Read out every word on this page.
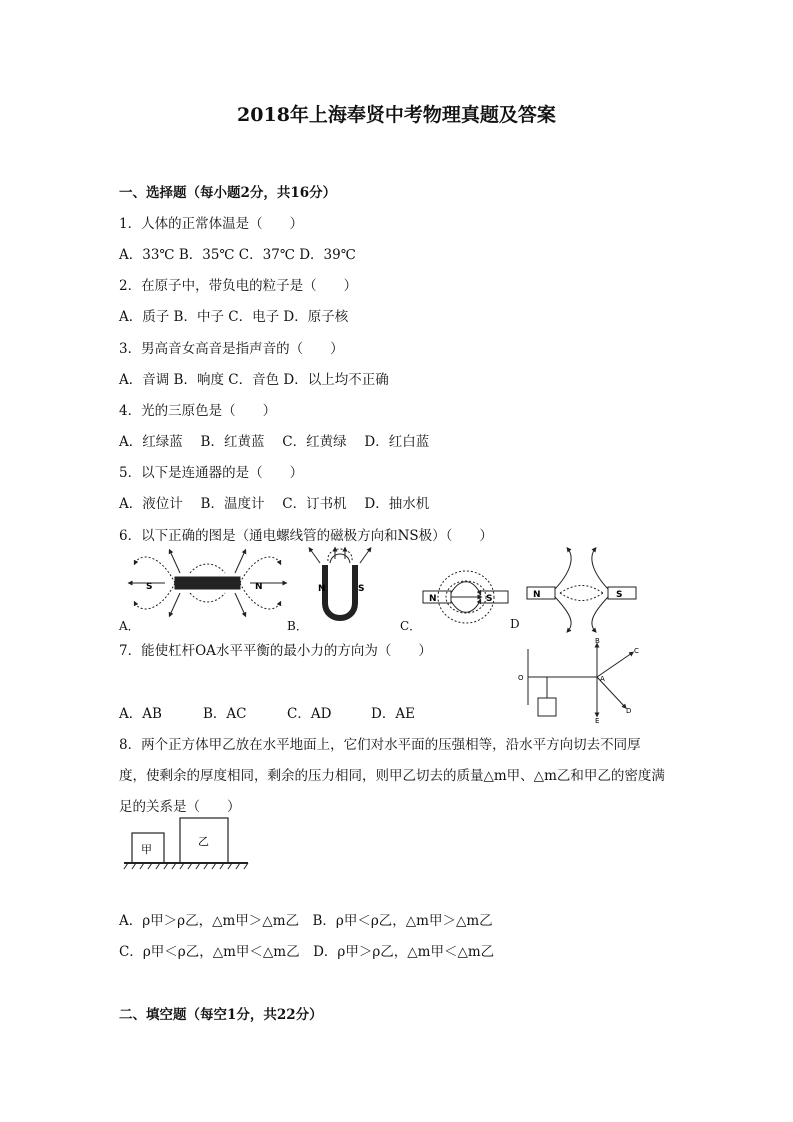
2018年上海奉贤中考物理真题及答案
一、选择题（每小题2分，共16分）
1．人体的正常体温是（　　）
A．33℃ B．35℃ C．37℃ D．39℃
2．在原子中，带负电的粒子是（　　）
A．质子 B．中子 C．电子 D．原子核
3．男高音女高音是指声音的（　　）
A．音调 B．响度 C．音色 D．以上均不正确
4．光的三原色是（　　）
A．红绿蓝　 B．红黄蓝　 C．红黄绿　 D．红白蓝
5．以下是连通器的是（　　）
A．液位计　 B．温度计　 C．订书机　 D．抽水机
6．以下正确的图是（通电螺线管的磁极方向和NS极）（　　）
S	N	N	S
N	S	N	S
A．	B．	C．	D
7．能使杠杆OA水平平衡的最小力的方向为（　　）
O	A
B
C
D
E
A．AB	B．AC	C．AD	D．AE
8．两个正方体甲乙放在水平地面上，它们对水平面的压强相等，沿水平方向切去不同厚
度，使剩余的厚度相同，剩余的压力相同，则甲乙切去的质量△m甲、△m乙和甲乙的密度满
足的关系是（　　）
甲
乙
A．ρ甲＞ρ乙，△m甲＞△m乙　B．ρ甲＜ρ乙，△m甲＞△m乙
C．ρ甲＜ρ乙，△m甲＜△m乙　D．ρ甲＞ρ乙，△m甲＜△m乙
二、填空题（每空1分，共22分）
